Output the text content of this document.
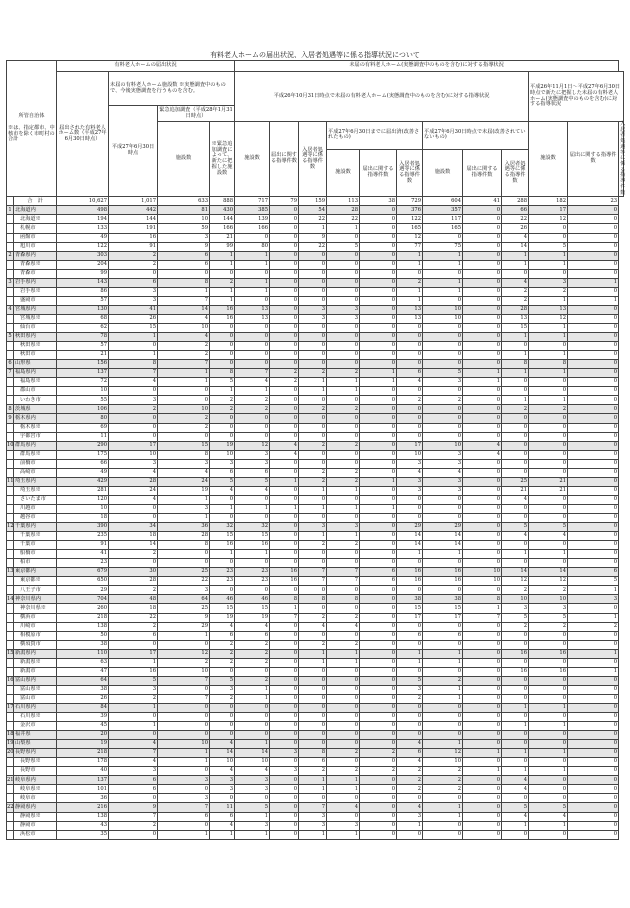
有料老人ホームの届出状況、入居者処遇等に係る指導状況について
所管自治体
※は、指定都市、中核市を除く市町村の合計		有料老人ホームの届出状況				未届の有料老人ホーム(実態調査中のものを含む)に対する指導状況											
		届出された有料老人ホーム数（平成27年6月30日時点）	未届の有料老人ホーム施設数 ※実態調査中のもので、今後実態調査を行うものを含む。			平成26年10月31日時点で未届の有料老人ホーム(実態調査中のものを含む)に対する指導状況									平成26年11月1日～平成27年6月30日時点で新たに把握した未届の有料老人ホーム(実態調査中のものを含む)に対する指導状況		
			平成27年6月30日時点	緊急追加調査（平成28年1月31日時点）													
				施設数	※緊急追加調査によって、新たに把握した施設数	施設数	届出に関する指導件数	入居者処遇等に係る指導件数	平成27年6月30日までに届出済(改善されたもの)			平成27年6月30日時点で未届(改善されていないもの)			施設数	届出に関する指導件数	入居者処遇等に係る指導件数
									施設数	届出に関する指導件数	入居者処遇等に係る指導件数	施設数	届出に関する指導件数	入居者処遇等に係る指導件数			
	合　計	10,627	1,017	633	888	717	79	159	113	38	729	604	41	288	182	23	
1	北海道内	498	442	81	430	385	0	54	28	0	376	357	0	66	17	0	
	北海道※	194	144	10	144	139	0	22	22	0	122	117	0	22	12	0	
	札幌市	133	191	59	166	166	0	1	1	0	165	165	0	26	0	0	
	函館市	49	16	3	21	0	0	9	0	0	12	0	0	4	0	0	
	旭川市	122	91	9	99	80	0	22	5	0	77	75	0	14	5	0	
2	青森県内	303	2	6	1	1	0	0	0	0	1	1	0	1	1	0	
	青森県※	204	2	6	1	1	0	0	0	0	1	1	0	1	1	0	
	青森市	99	0	0	0	0	0	0	0	0	0	0	0	0	0	0	
3	岩手県内	143	6	8	2	1	0	0	0	0	2	1	0	4	3	1	
	岩手県※	86	3	1	1	1	0	0	0	0	1	1	0	2	2	0	
	盛岡市	57	3	7	1	0	0	0	0	0	1	0	0	2	1	1	
4	宮城県内	130	41	14	16	13	0	3	3	0	13	10	0	28	13	0	
	宮城県※	68	26	4	16	13	0	3	3	0	13	10	0	13	12	0	
	仙台市	62	15	10	0	0	0	0	0	0	0	0	0	15	1	0	
5	秋田県内	78	1	4	0	0	0	0	0	0	0	0	0	1	1	0	
	秋田県※	57	0	2	0	0	0	0	0	0	0	0	0	0	0	0	
	秋田市	21	1	2	0	0	0	0	0	0	0	0	0	1	1	0	
6	山形県	156	8	7	0	0	0	0	0	0	0	0	0	8	8	0	
7	福島県内	137	7	1	8	7	2	2	2	1	6	5	1	1	1	0	
	福島県※	72	4	1	5	4	2	1	1	1	4	3	1	0	0	0	
	郡山市	10	0	0	1	1	0	1	1	0	0	0	0	0	0	0	
	いわき市	55	3	0	2	2	0	0	0	0	2	2	0	1	1	0	
8	茨城県	106	2	10	2	2	0	2	2	0	0	0	0	2	2	0	
9	栃木県内	80	0	2	0	0	0	0	0	0	0	0	0	0	0	0	
	栃木県※	69	0	2	0	0	0	0	0	0	0	0	0	0	0	0	
	宇都宮市	11	0	0	0	0	0	0	0	0	0	0	0	0	0	0	
10	群馬県内	290	17	15	19	12	4	2	2	0	17	10	4	0	0	0	
	群馬県※	175	10	8	10	3	4	0	0	0	10	3	4	0	0	0	
	前橋市	66	3	3	3	3	0	0	0	0	3	3	0	0	0	0	
	高崎市	49	4	4	6	6	0	2	2	0	4	4	0	0	0	0	
11	埼玉県内	429	28	24	5	5	1	2	2	1	3	3	0	25	21	0	
	埼玉県※	281	24	19	4	4	0	1	1	0	3	3	0	21	21	0	
	さいたま市	120	4	1	0	0	0	0	0	0	0	0	0	4	0	0	
	川越市	10	0	3	1	1	1	1	1	1	0	0	0	0	0	0	
	越谷市	18	0	1	0	0	0	0	0	0	0	0	0	0	0	0	
12	千葉県内	390	34	36	32	32	0	3	3	0	29	29	0	5	5	0	
	千葉県※	235	18	28	15	15	0	1	1	0	14	14	0	4	4	0	
	千葉市	91	14	8	16	16	0	2	2	0	14	14	0	0	0	0	
	船橋市	41	2	0	1	1	0	0	0	0	1	1	0	1	1	0	
	柏市	23	0	0	0	0	0	0	0	0	0	0	0	0	0	0	
13	東京都内	679	30	25	23	23	16	7	7	6	16	16	10	14	14	6	
	東京都※	650	28	22	23	23	16	7	7	6	16	16	10	12	12	5	
	八王子市	29	2	3	0	0	0	0	0	0	0	0	0	2	2	1	
14	神奈川県内	704	48	64	46	46	8	8	8	0	38	38	8	10	10	3	
	神奈川県※	260	18	25	15	15	1	0	0	0	15	15	1	3	3	0	
	横浜市	218	22	9	19	19	7	2	2	0	17	17	7	5	5	1	
	川崎市	138	2	29	4	4	0	4	4	0	0	0	0	2	2	2	
	相模原市	50	6	1	6	6	0	0	0	0	6	6	0	0	0	0	
	横須賀市	38	0	0	2	2	0	2	2	0	0	0	0	0	0	0	
15	新潟県内	110	17	12	2	2	0	1	1	0	1	1	0	16	16	1	
	新潟県※	63	1	2	2	2	0	1	1	0	1	1	0	0	0	0	
	新潟市	47	16	10	0	0	0	0	0	0	0	0	0	16	16	1	
16	富山県内	64	5	7	5	2	0	0	0	0	5	2	0	0	0	0	
	富山県※	38	3	0	3	1	0	0	0	0	3	1	0	0	0	0	
	富山市	26	2	7	2	1	0	0	0	0	2	1	0	0	0	0	
17	石川県内	84	1	0	0	0	0	0	0	0	0	0	0	1	1	0	
	石川県※	39	0	0	0	0	0	0	0	0	0	0	0	0	0	0	
	金沢市	45	1	0	0	0	0	0	0	0	0	0	0	1	1	0	
18	福井県	20	0	0	0	0	0	0	0	0	0	0	0	0	0	0	
19	山梨県	19	4	10	4	1	0	0	0	0	4	1	0	0	0	0	
20	長野県内	218	7	1	14	14	3	8	2	2	6	12	1	1	1	0	
	長野県※	178	4	1	10	10	0	6	0	0	4	10	0	0	0	0	
	長野市	40	3	0	4	4	3	2	2	2	2	2	1	1	1	0	
21	岐阜県内	137	6	3	3	3	0	1	1	0	2	2	0	4	0	0	
	岐阜県※	101	6	0	3	3	0	1	1	0	2	2	0	4	0	0	
	岐阜市	36	0	3	0	0	0	0	0	0	0	0	0	0	0	0	
22	静岡県内	216	9	7	11	5	0	7	4	0	4	1	0	5	5	0	
	静岡県※	138	7	6	6	1	0	3	0	0	3	1	0	4	4	0	
	静岡市	43	2	0	4	3	0	3	3	0	1	0	0	1	1	0	
	浜松市	35	0	1	1	1	0	1	1	0	0	0	0	0	0	0	
